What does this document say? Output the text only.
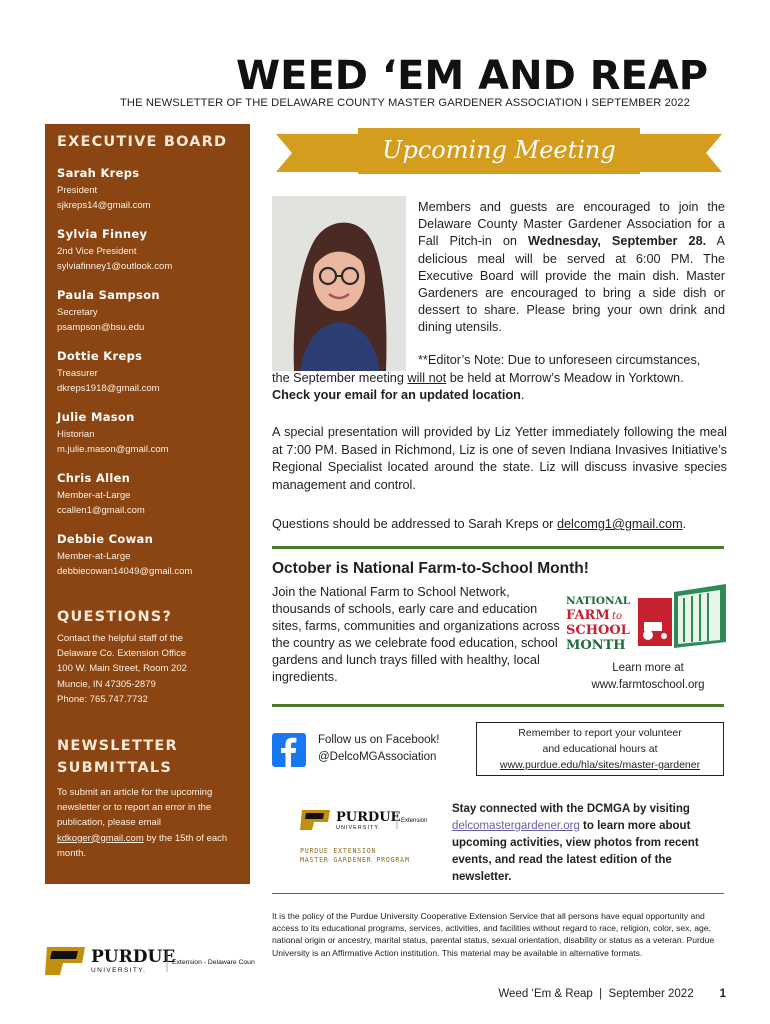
WEED ‘EM AND REAP
THE NEWSLETTER OF THE DELAWARE COUNTY MASTER GARDENER ASSOCIATION I SEPTEMBER 2022
EXECUTIVE BOARD
Sarah Kreps
President
sjkreps14@gmail.com
Sylvia Finney
2nd Vice President
sylviafinney1@outlook.com
Paula Sampson
Secretary
psampson@bsu.edu
Dottie Kreps
Treasurer
dkreps1918@gmail.com
Julie Mason
Historian
m.julie.mason@gmail.com
Chris Allen
Member-at-Large
ccallen1@gmail.com
Debbie Cowan
Member-at-Large
debbiecowan14049@gmail.com
QUESTIONS?
Contact the helpful staff of the
Delaware Co. Extension Office
100 W. Main Street, Room 202
Muncie, IN 47305-2879
Phone: 765.747.7732
NEWSLETTER
SUBMITTALS
To submit an article for the upcoming newsletter or to report an error in the publication, please email kdkoger@gmail.com by the 15th of each month.
Upcoming Meeting
Members and guests are encouraged to join the Delaware County Master Gardener Association for a Fall Pitch-in on Wednesday, September 28. A delicious meal will be served at 6:00 PM. The Executive Board will provide the main dish. Master Gardeners are encouraged to bring a side dish or dessert to share. Please bring your own drink and dining utensils.
**Editor’s Note: Due to unforeseen circumstances,
the September meeting will not be held at Morrow’s Meadow in Yorktown.
Check your email for an updated location.
A special presentation will provided by Liz Yetter immediately following the meal at 7:00 PM. Based in Richmond, Liz is one of seven Indiana Invasives Initiative’s Regional Specialist located around the state. Liz will discuss invasive species management and control.
Questions should be addressed to Sarah Kreps or delcomg1@gmail.com.
October is National Farm-to-School Month!
Join the National Farm to School Network, thousands of schools, early care and education sites, farms, communities and organizations across the country as we celebrate food education, school gardens and lunch trays filled with healthy, local ingredients.
NATIONAL
FARM to
SCHOOL
MONTH
Learn more at
www.farmtoschool.org
Follow us on Facebook!
@DelcoMGAssociation
Remember to report your volunteer
and educational hours at
www.purdue.edu/hla/sites/master-gardener
PURDUE
UNIVERSITY.
Extension
PURDUE EXTENSION
MASTER GARDENER PROGRAM
Stay connected with the DCMGA by visiting delcomastergardener.org to learn more about upcoming activities, view photos from recent events, and read the latest edition of the newsletter.
It is the policy of the Purdue University Cooperative Extension Service that all persons have equal opportunity and access to its educational programs, services, activities, and facilities without regard to race, religion, color, sex, age, national origin or ancestry, marital status, parental status, sexual orientation, disability or status as a veteran. Purdue University is an Affirmative Action institution. This material may be available in alternative formats.
PURDUE
UNIVERSITY.
Extension - Delaware County
Weed ‘Em & Reap  |  September 2022 1
